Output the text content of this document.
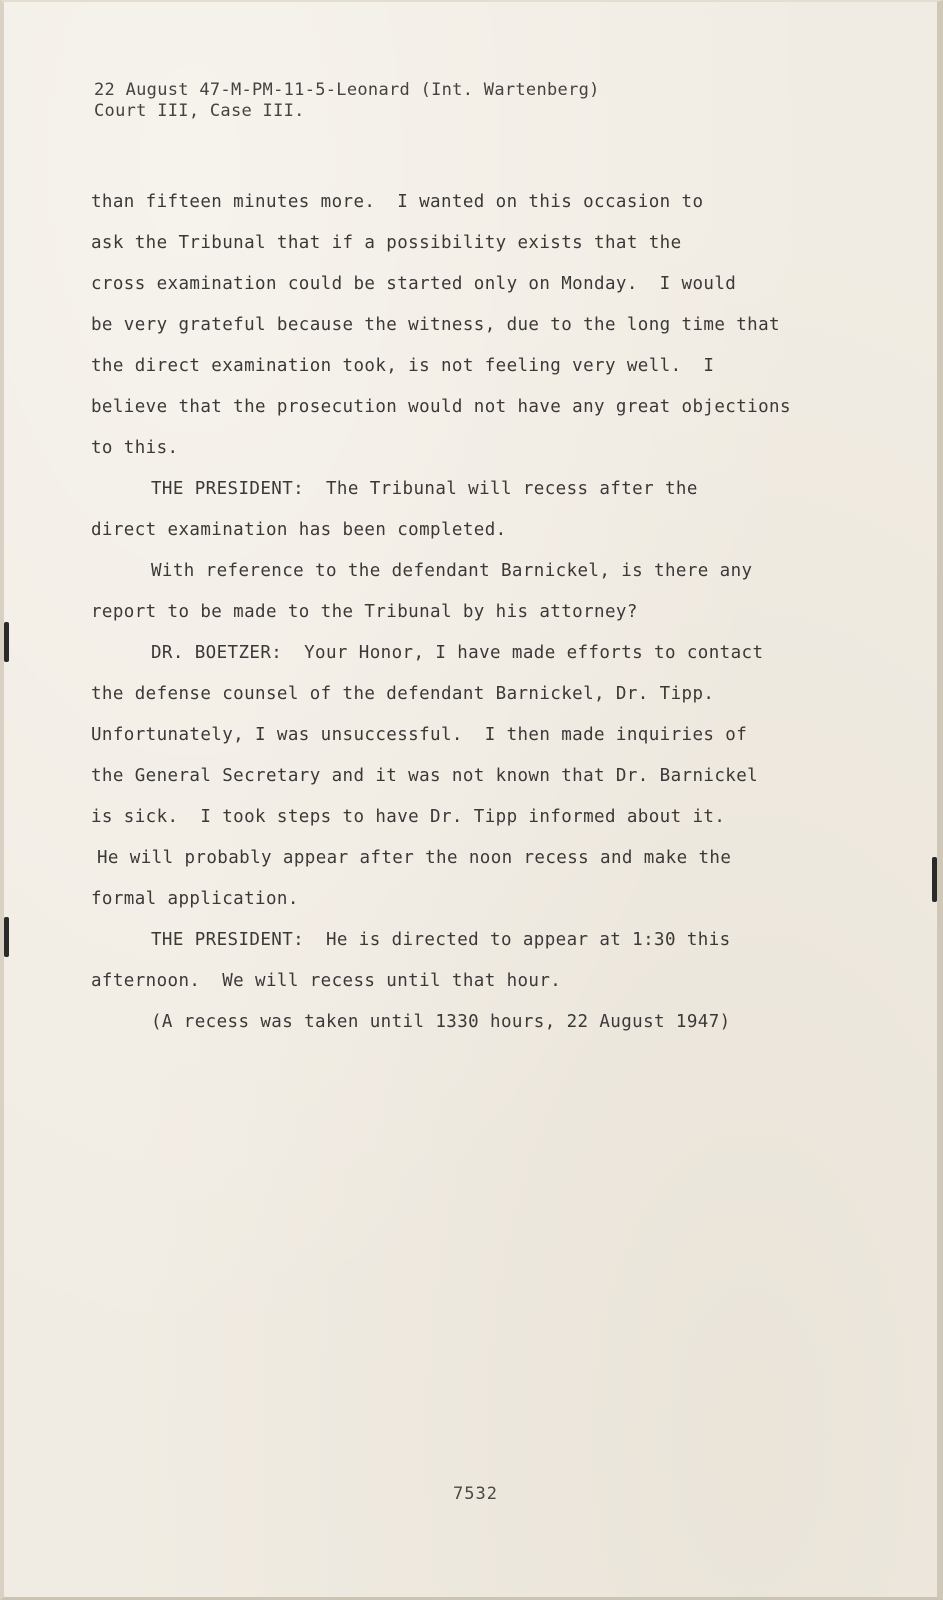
22 August 47-M-PM-11-5-Leonard (Int. Wartenberg)
Court III, Case III.
than fifteen minutes more.  I wanted on this occasion to
ask the Tribunal that if a possibility exists that the
cross examination could be started only on Monday.  I would
be very grateful because the witness, due to the long time that
the direct examination took, is not feeling very well.  I
believe that the prosecution would not have any great objections
to this.
THE PRESIDENT:  The Tribunal will recess after the
direct examination has been completed.
With reference to the defendant Barnickel, is there any
report to be made to the Tribunal by his attorney?
DR. BOETZER:  Your Honor, I have made efforts to contact
the defense counsel of the defendant Barnickel, Dr. Tipp.
Unfortunately, I was unsuccessful.  I then made inquiries of
the General Secretary and it was not known that Dr. Barnickel
is sick.  I took steps to have Dr. Tipp informed about it.
He will probably appear after the noon recess and make the
formal application.
THE PRESIDENT:  He is directed to appear at 1:30 this
afternoon.  We will recess until that hour.
(A recess was taken until 1330 hours, 22 August 1947)
7532
